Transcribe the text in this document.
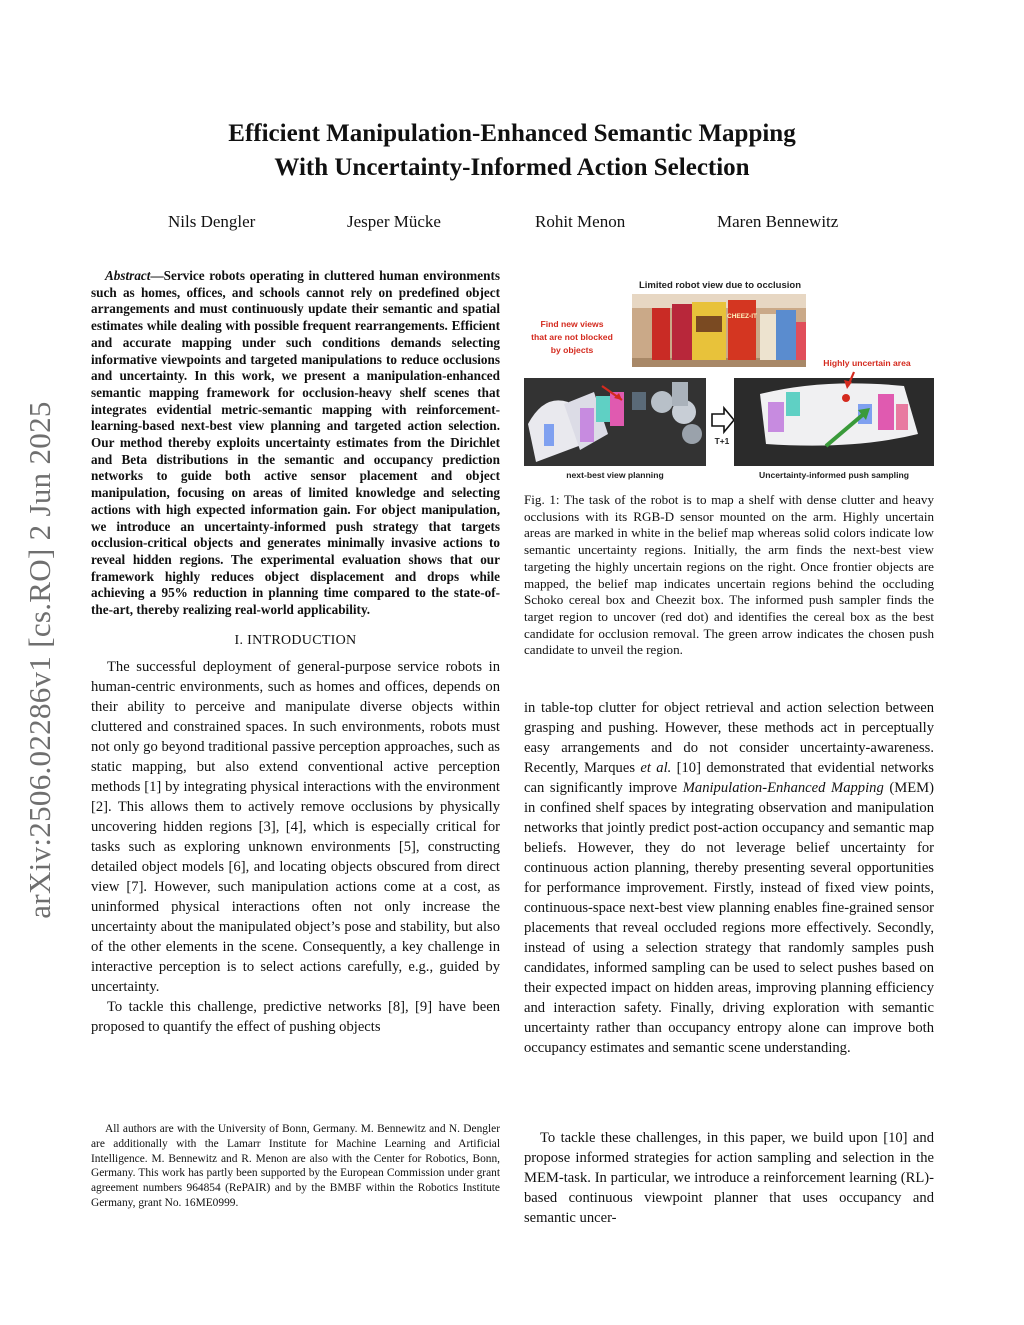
arXiv:2506.02286v1 [cs.RO] 2 Jun 2025
Efficient Manipulation-Enhanced Semantic Mapping
With Uncertainty-Informed Action Selection
Nils Dengler	Jesper Mücke	Rohit Menon	Maren Bennewitz

Abstract—Service robots operating in cluttered human environments such as homes, offices, and schools cannot rely on predefined object arrangements and must continuously update their semantic and spatial estimates while dealing with possible frequent rearrangements. Efficient and accurate mapping under such conditions demands selecting informative viewpoints and targeted manipulations to reduce occlusions and uncertainty. In this work, we present a manipulation-enhanced semantic mapping framework for occlusion-heavy shelf scenes that integrates evidential metric-semantic mapping with reinforcement-learning-based next-best view planning and targeted action selection. Our method thereby exploits uncertainty estimates from the Dirichlet and Beta distributions in the semantic and occupancy prediction networks to guide both active sensor placement and object manipulation, focusing on areas of limited knowledge and selecting actions with high expected information gain. For object manipulation, we introduce an uncertainty-informed push strategy that targets occlusion-critical objects and generates minimally invasive actions to reveal hidden regions. The experimental evaluation shows that our framework highly reduces object displacement and drops while achieving a 95% reduction in planning time compared to the state-of-the-art, thereby realizing real-world applicability.

I. INTRODUCTION

The successful deployment of general-purpose service robots in human-centric environments, such as homes and offices, depends on their ability to perceive and manipulate diverse objects within cluttered and constrained spaces. In such environments, robots must not only go beyond traditional passive perception approaches, such as static mapping, but also extend conventional active perception methods [1] by integrating physical interactions with the environment [2]. This allows them to actively remove occlusions by physically uncovering hidden regions [3], [4], which is especially critical for tasks such as exploring unknown environments [5], constructing detailed object models [6], and locating objects obscured from direct view [7]. However, such manipulation actions come at a cost, as uninformed physical interactions often not only increase the uncertainty about the manipulated object’s pose and stability, but also of the other elements in the scene. Consequently, a key challenge in interactive perception is to select actions carefully, e.g., guided by uncertainty.

To tackle this challenge, predictive networks [8], [9] have been proposed to quantify the effect of pushing objects

All authors are with the University of Bonn, Germany. M. Bennewitz and N. Dengler are additionally with the Lamarr Institute for Machine Learning and Artificial Intelligence. M. Bennewitz and R. Menon are also with the Center for Robotics, Bonn, Germany. This work has partly been supported by the European Commission under grant agreement numbers 964854 (RePAIR) and by the BMBF within the Robotics Institute Germany, grant No. 16ME0999.

Limited robot view due to occlusion
CHEEZ-IT
Find new views
that are not blocked
by objects
Highly uncertain area
T+1
next-best view planning	Uncertainty-informed push sampling

Fig. 1: The task of the robot is to map a shelf with dense clutter and heavy occlusions with its RGB-D sensor mounted on the arm. Highly uncertain areas are marked in white in the belief map whereas solid colors indicate low semantic uncertainty regions. Initially, the arm finds the next-best view targeting the highly uncertain regions on the right. Once frontier objects are mapped, the belief map indicates uncertain regions behind the occluding Schoko cereal box and Cheezit box. The informed push sampler finds the target region to uncover (red dot) and identifies the cereal box as the best candidate for occlusion removal. The green arrow indicates the chosen push candidate to unveil the region.

in table-top clutter for object retrieval and action selection between grasping and pushing. However, these methods act in perceptually easy arrangements and do not consider uncertainty-awareness. Recently, Marques et al. [10] demonstrated that evidential networks can significantly improve Manipulation-Enhanced Mapping (MEM) in confined shelf spaces by integrating observation and manipulation networks that jointly predict post-action occupancy and semantic map beliefs. However, they do not leverage belief uncertainty for continuous action planning, thereby presenting several opportunities for performance improvement. Firstly, instead of fixed view points, continuous-space next-best view planning enables fine-grained sensor placements that reveal occluded regions more effectively. Secondly, instead of using a selection strategy that randomly samples push candidates, informed sampling can be used to select pushes based on their expected impact on hidden areas, improving planning efficiency and interaction safety. Finally, driving exploration with semantic uncertainty rather than occupancy entropy alone can improve both occupancy estimates and semantic scene understanding.

To tackle these challenges, in this paper, we build upon [10] and propose informed strategies for action sampling and selection in the MEM-task. In particular, we introduce a reinforcement learning (RL)-based continuous viewpoint planner that uses occupancy and semantic uncer-
